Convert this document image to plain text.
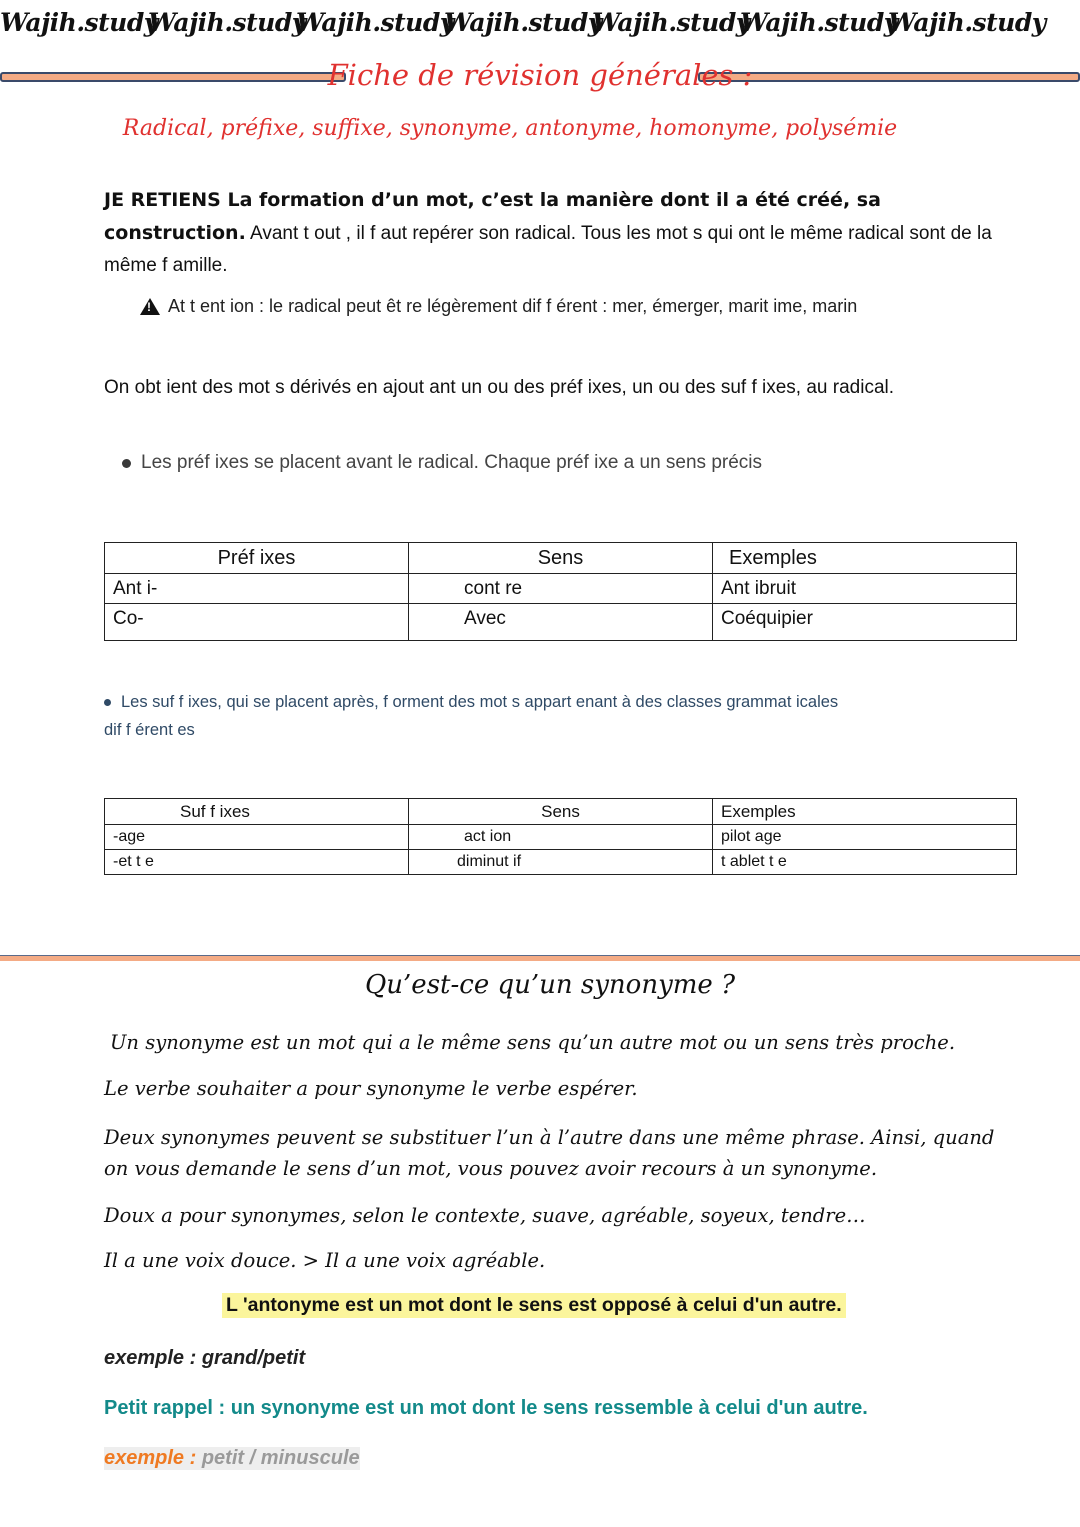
Wajih.study
Wajih.study
Wajih.study
Wajih.study
Wajih.study
Wajih.study
Wajih.study
Fiche de révision générales :
Radical, préfixe, suffixe, synonyme, antonyme, homonyme, polysémie
JE RETIENS La formation d’un mot, c’est la manière dont il a été créé, sa construction. Avant t out , il f aut repérer son radical. Tous les mot s qui ont le même radical sont de la même f amille.
!
At t ent ion : le radical peut êt re légèrement dif f érent : mer, émerger, marit ime, marin
On obt ient des mot s dérivés en ajout ant un ou des préf ixes, un ou des suf f ixes, au radical.
Les préf ixes se placent avant le radical. Chaque préf ixe a un sens précis
Préf ixes	Sens	Exemples
Ant i-	cont re	Ant ibruit
Co-	Avec	Coéquipier
Les suf f ixes, qui se placent après, f orment des mot s appart enant à des classes grammat icales
dif f érent es
Suf f ixes	Sens	Exemples
-age	act ion	pilot age
-et t e	diminut if	t ablet t e
Qu’est-ce qu’un synonyme ?
Un synonyme est un mot qui a le même sens qu’un autre mot ou un sens très proche.
Le verbe souhaiter a pour synonyme le verbe espérer.
Deux synonymes peuvent se substituer l’un à l’autre dans une même phrase. Ainsi, quand on vous demande le sens d’un mot, vous pouvez avoir recours à un synonyme.
Doux a pour synonymes, selon le contexte, suave, agréable, soyeux, tendre…
Il a une voix douce. > Il a une voix agréable.
L 'antonyme est un mot dont le sens est opposé à celui d'un autre.
exemple : grand/petit
Petit rappel : un synonyme est un mot dont le sens ressemble à celui d'un autre.
exemple : petit / minuscule
